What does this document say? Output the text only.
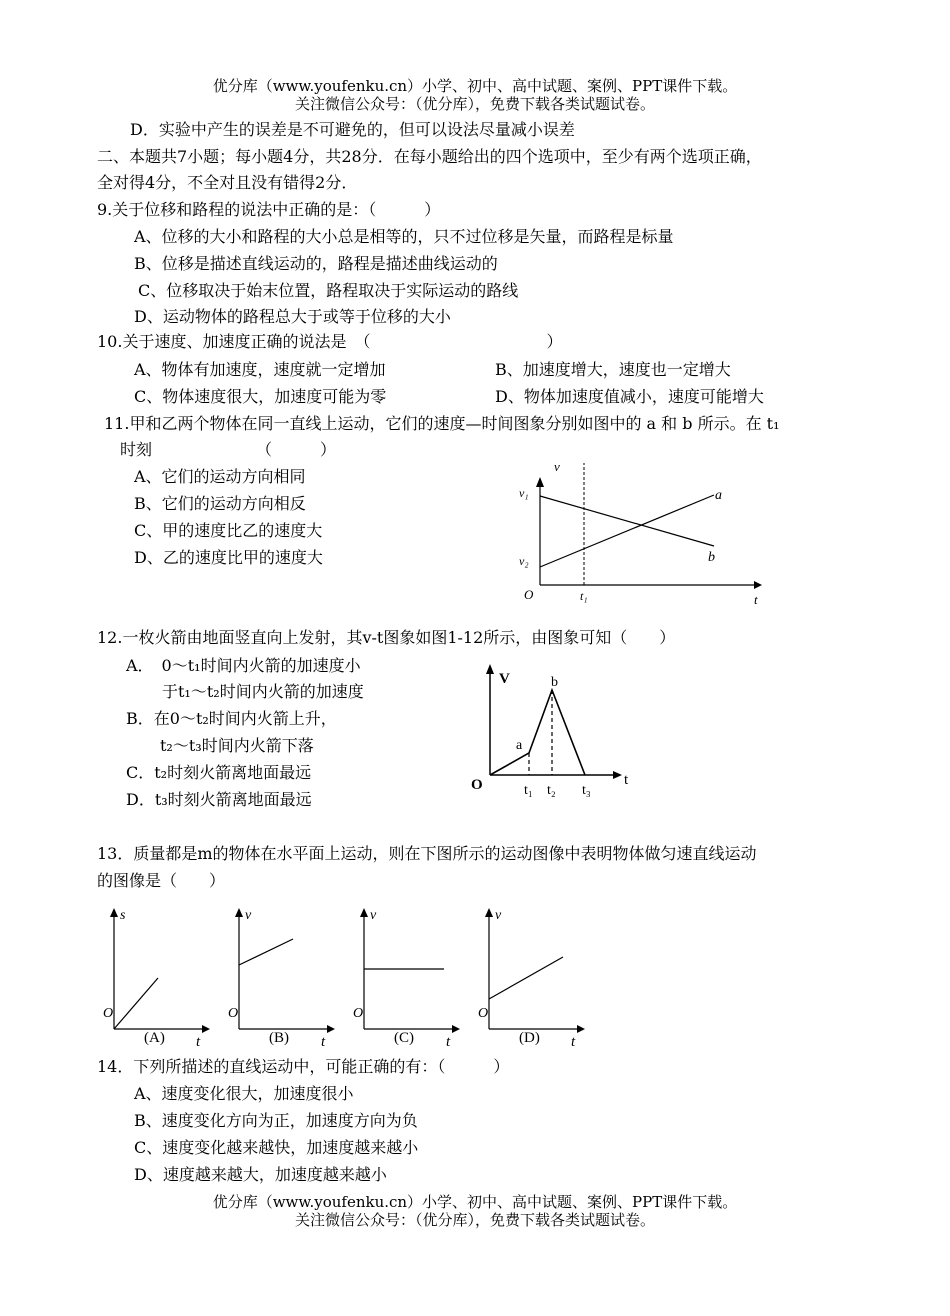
优分库（www.youfenku.cn）小学、初中、高中试题、案例、PPT课件下载。
关注微信公众号：（优分库），免费下载各类试题试卷。
D．实验中产生的误差是不可避免的，但可以设法尽量减小误差
二、本题共7小题；每小题4分，共28分．在每小题给出的四个选项中，至少有两个选项正确，
全对得4分，不全对且没有错得2分．
9.关于位移和路程的说法中正确的是：（　　　）
A、位移的大小和路程的大小总是相等的，只不过位移是矢量，而路程是标量
B、位移是描述直线运动的，路程是描述曲线运动的
C、位移取决于始末位置，路程取决于实际运动的路线
D、运动物体的路程总大于或等于位移的大小
10.关于速度、加速度正确的说法是　（　　　　　　　　　　　）
A、物体有加速度，速度就一定增加	B、加速度增大，速度也一定增大
C、物体速度很大，加速度可能为零	D、物体加速度值减小，速度可能增大
11.甲和乙两个物体在同一直线上运动，它们的速度—时间图象分别如图中的 a 和 b 所示。在 t₁
时刻　　　　　　　（　　　）
A、它们的运动方向相同
B、它们的运动方向相反
C、甲的速度比乙的速度大
D、乙的速度比甲的速度大
v
v₁
v₂
O	t₁	t
a
b
12.一枚火箭由地面竖直向上发射，其v-t图象如图1-12所示，由图象可知（　　）
A．　0～t₁时间内火箭的加速度小
于t₁～t₂时间内火箭的加速度
B．在0～t₂时间内火箭上升，
t₂～t₃时间内火箭下落
C．t₂时刻火箭离地面最远
D．t₃时刻火箭离地面最远
V
a
b
O	t₁ t₂ t₃
t
13．质量都是m的物体在水平面上运动，则在下图所示的运动图像中表明物体做匀速直线运动
的图像是（　　）
s
O
t
(A)
v
O
t
(B)
v
O
t
(C)
v
O
t
(D)
14．下列所描述的直线运动中，可能正确的有：（　　　）
A、速度变化很大，加速度很小
B、速度变化方向为正，加速度方向为负
C、速度变化越来越快，加速度越来越小
D、速度越来越大，加速度越来越小
优分库（www.youfenku.cn）小学、初中、高中试题、案例、PPT课件下载。
关注微信公众号：（优分库），免费下载各类试题试卷。
